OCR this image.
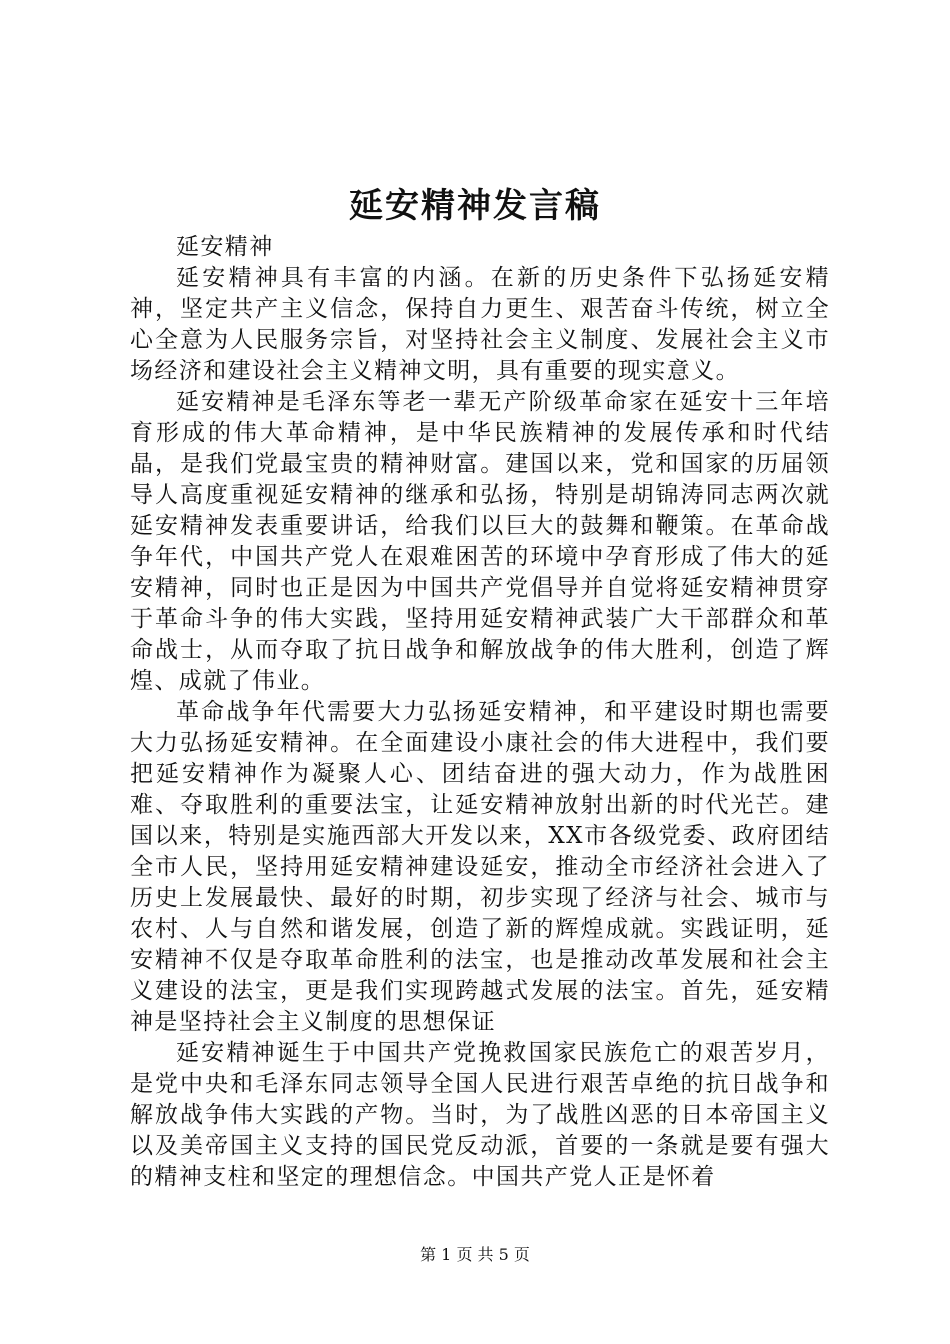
延安精神发言稿

延安精神

延安精神具有丰富的内涵。在新的历史条件下弘扬延安精神，坚定共产主义信念，保持自力更生、艰苦奋斗传统，树立全心全意为人民服务宗旨，对坚持社会主义制度、发展社会主义市场经济和建设社会主义精神文明，具有重要的现实意义。

延安精神是毛泽东等老一辈无产阶级革命家在延安十三年培育形成的伟大革命精神，是中华民族精神的发展传承和时代结晶，是我们党最宝贵的精神财富。建国以来，党和国家的历届领导人高度重视延安精神的继承和弘扬，特别是胡锦涛同志两次就延安精神发表重要讲话，给我们以巨大的鼓舞和鞭策。在革命战争年代，中国共产党人在艰难困苦的环境中孕育形成了伟大的延安精神，同时也正是因为中国共产党倡导并自觉将延安精神贯穿于革命斗争的伟大实践，坚持用延安精神武装广大干部群众和革命战士，从而夺取了抗日战争和解放战争的伟大胜利，创造了辉煌、成就了伟业。

革命战争年代需要大力弘扬延安精神，和平建设时期也需要大力弘扬延安精神。在全面建设小康社会的伟大进程中，我们要把延安精神作为凝聚人心、团结奋进的强大动力，作为战胜困难、夺取胜利的重要法宝，让延安精神放射出新的时代光芒。建国以来，特别是实施西部大开发以来，XX市各级党委、政府团结全市人民，坚持用延安精神建设延安，推动全市经济社会进入了历史上发展最快、最好的时期，初步实现了经济与社会、城市与农村、人与自然和谐发展，创造了新的辉煌成就。实践证明，延安精神不仅是夺取革命胜利的法宝，也是推动改革发展和社会主义建设的法宝，更是我们实现跨越式发展的法宝。首先，延安精神是坚持社会主义制度的思想保证

延安精神诞生于中国共产党挽救国家民族危亡的艰苦岁月，是党中央和毛泽东同志领导全国人民进行艰苦卓绝的抗日战争和解放战争伟大实践的产物。当时，为了战胜凶恶的日本帝国主义以及美帝国主义支持的国民党反动派，首要的一条就是要有强大的精神支柱和坚定的理想信念。中国共产党人正是怀着

第 1 页 共 5 页
